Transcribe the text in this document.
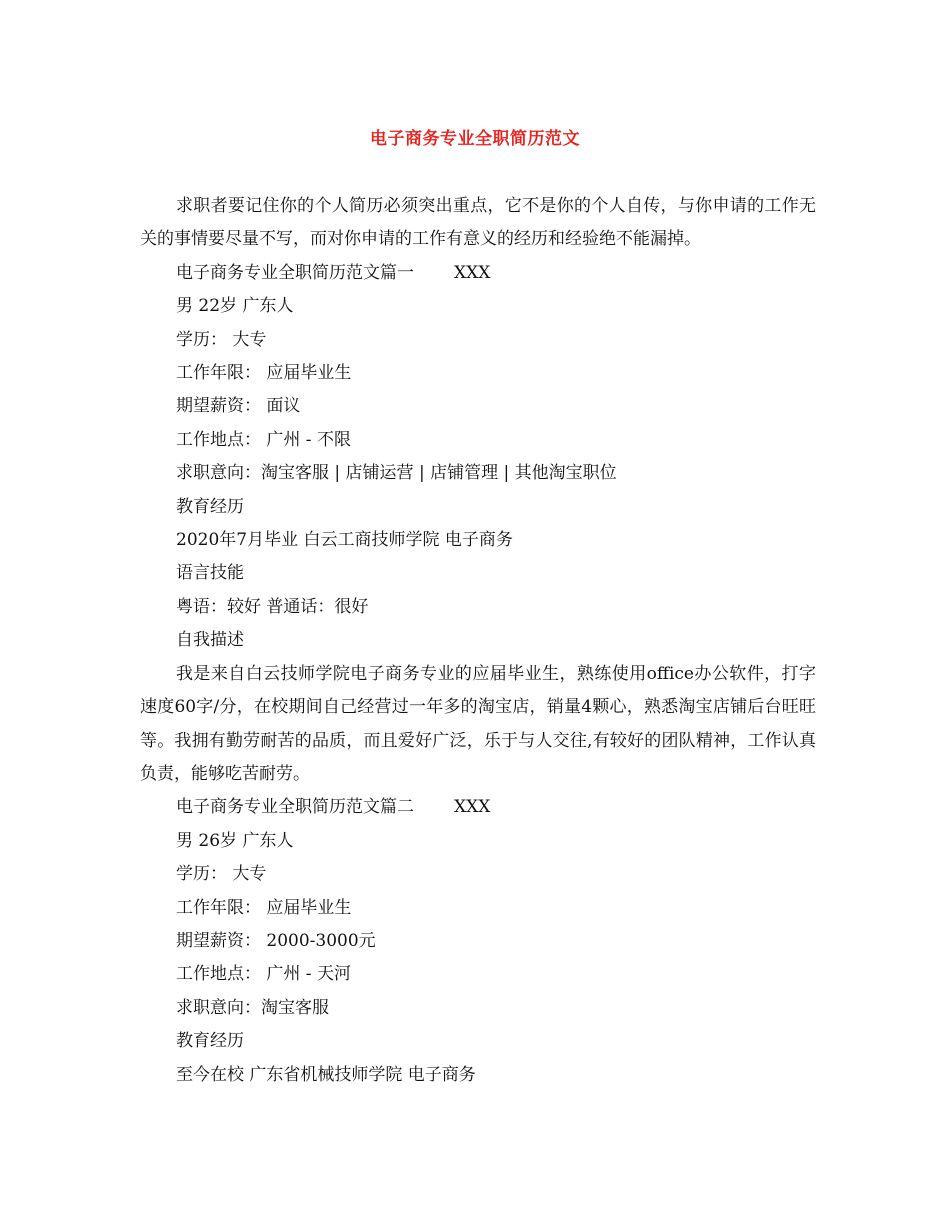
电子商务专业全职简历范文

求职者要记住你的个人简历必须突出重点，它不是你的个人自传，与你申请的工作无关的事情要尽量不写，而对你申请的工作有意义的经历和经验绝不能漏掉。

电子商务专业全职简历范文篇一 XXX
男 22岁 广东人
学历： 大专
工作年限： 应届毕业生
期望薪资： 面议
工作地点： 广州 - 不限
求职意向：淘宝客服 | 店铺运营 | 店铺管理 | 其他淘宝职位
教育经历
2020年7月毕业 白云工商技师学院 电子商务
语言技能
粤语：较好 普通话：很好
自我描述

我是来自白云技师学院电子商务专业的应届毕业生，熟练使用office办公软件，打字速度60字/分，在校期间自己经营过一年多的淘宝店，销量4颗心，熟悉淘宝店铺后台旺旺等。我拥有勤劳耐苦的品质，而且爱好广泛，乐于与人交往,有较好的团队精神，工作认真负责，能够吃苦耐劳。

电子商务专业全职简历范文篇二 XXX
男 26岁 广东人
学历： 大专
工作年限： 应届毕业生
期望薪资： 2000-3000元
工作地点： 广州 - 天河
求职意向：淘宝客服
教育经历
至今在校 广东省机械技师学院 电子商务
